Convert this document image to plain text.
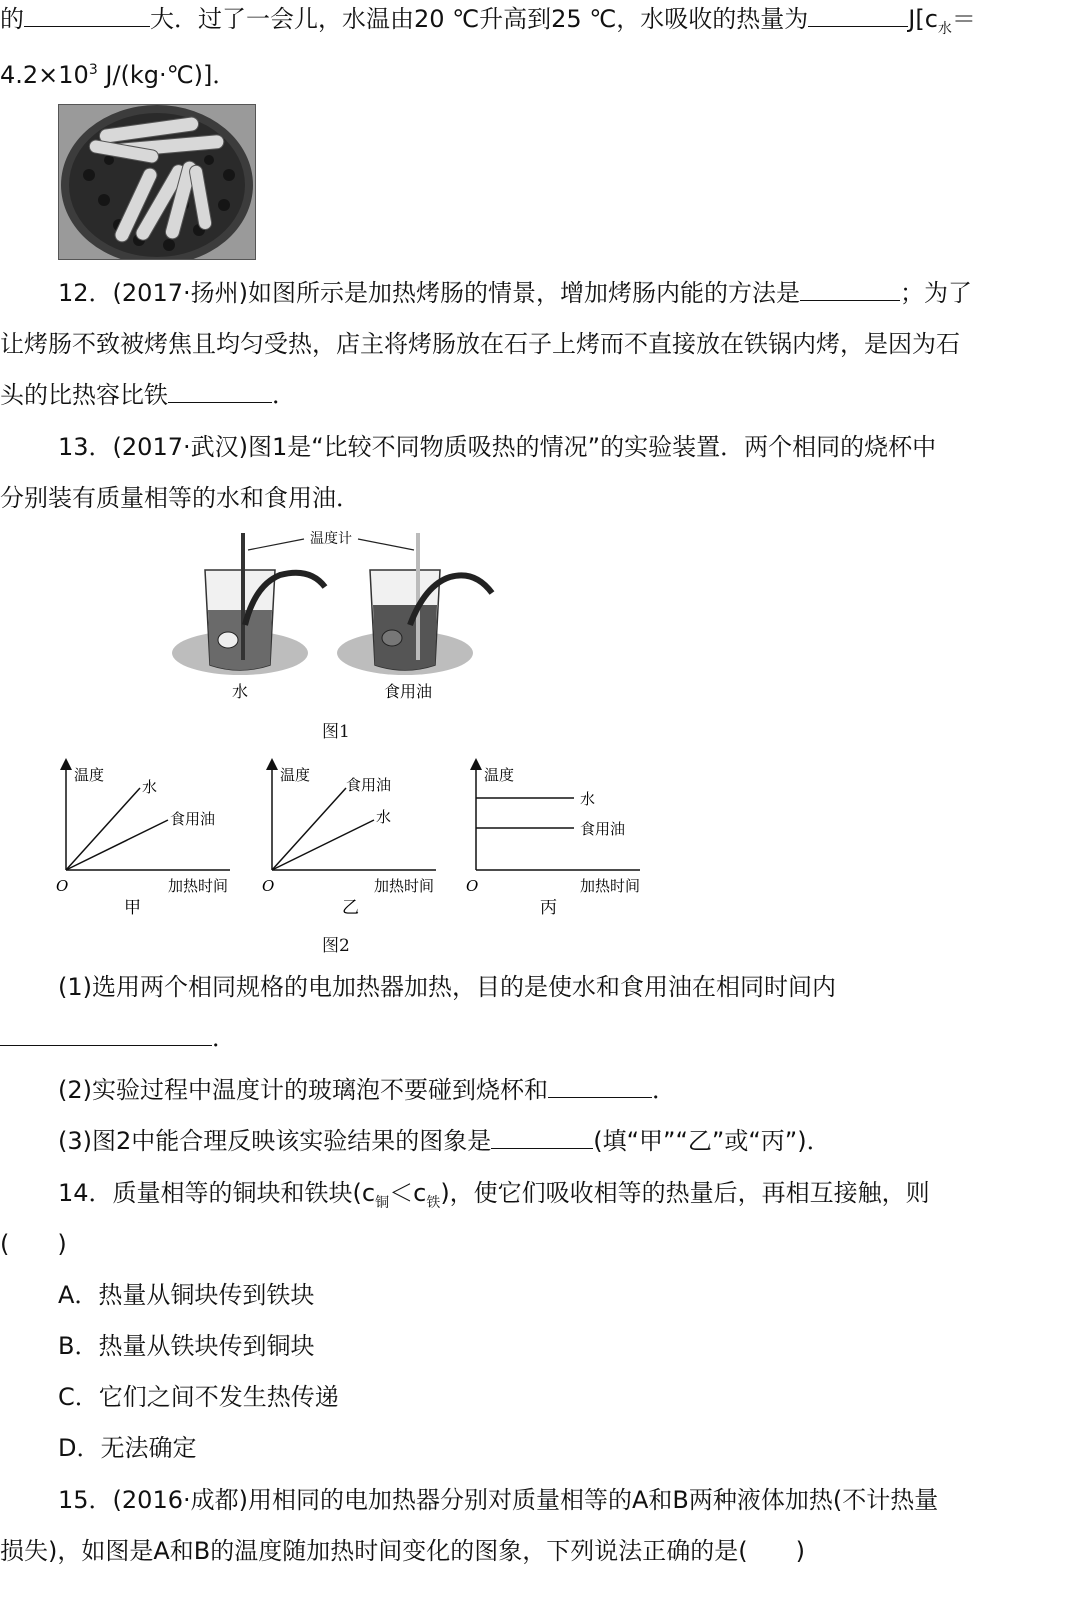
的	大．过了一会儿，水温由20 ℃升高到25 ℃，水吸收的热量为	$J[c_水=$
$4.2\times 10^3$ J/(kg·℃)]．
12．(2017·扬州)如图所示是加热烤肠的情景，增加烤肠内能的方法是	；为了
让烤肠不致被烤焦且均匀受热，店主将烤肠放在石子上烤而不直接放在铁锅内烤，是因为石
头的比热容比铁	．
13．(2017·武汉)图1是“比较不同物质吸热的情况”的实验装置．两个相同的烧杯中
分别装有质量相等的水和食用油．
温度计
水	食用油
图1
温度
水
食用油
O	加热时间
甲
温度
食用油
水
O	加热时间
乙
温度
水
食用油
O	加热时间
丙
图2
(1)选用两个相同规格的电加热器加热，目的是使水和食用油在相同时间内
．
(2)实验过程中温度计的玻璃泡不要碰到烧杯和	．
(3)图2中能合理反映该实验结果的图象是	(填“甲”“乙”或“丙”)．
14．质量相等的铜块和铁块$(c_铜<c_铁)$，使它们吸收相等的热量后，再相互接触，则
(　　)
A．热量从铜块传到铁块
B．热量从铁块传到铜块
C．它们之间不发生热传递
D．无法确定
15．(2016·成都)用相同的电加热器分别对质量相等的A和B两种液体加热(不计热量
损失)，如图是A和B的温度随加热时间变化的图象，下列说法正确的是(　　)
